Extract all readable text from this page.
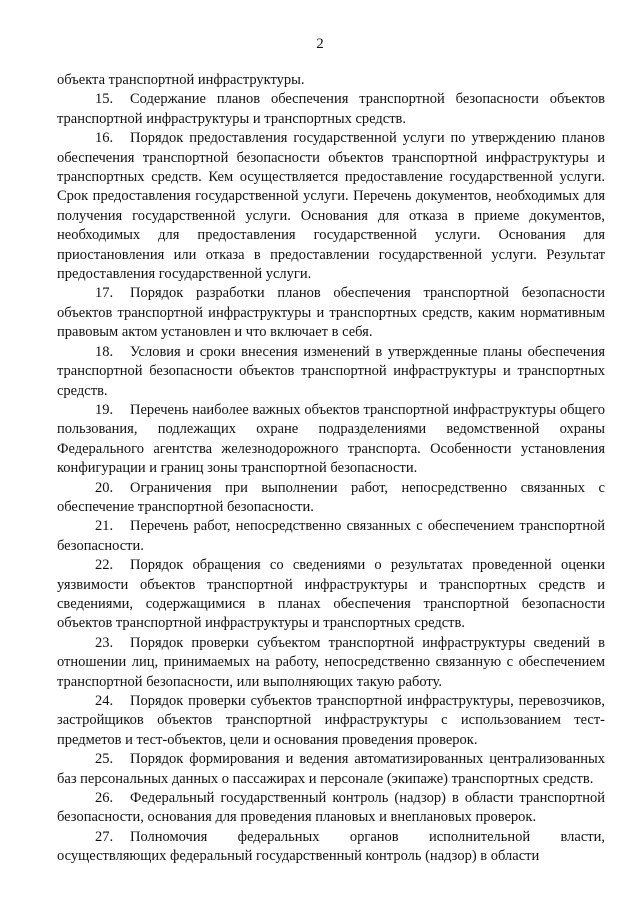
2

объекта транспортной инфраструктуры.

15. Содержание планов обеспечения транспортной безопасности объектов транспортной инфраструктуры и транспортных средств.

16. Порядок предоставления государственной услуги по утверждению планов обеспечения транспортной безопасности объектов транспортной инфраструктуры и транспортных средств. Кем осуществляется предоставление государственной услуги. Срок предоставления государственной услуги. Перечень документов, необходимых для получения государственной услуги. Основания для отказа в приеме документов, необходимых для предоставления государственной услуги. Основания для приостановления или отказа в предоставлении государственной услуги. Результат предоставления государственной услуги.

17. Порядок разработки планов обеспечения транспортной безопасности объектов транспортной инфраструктуры и транспортных средств, каким нормативным правовым актом установлен и что включает в себя.

18. Условия и сроки внесения изменений в утвержденные планы обеспечения транспортной безопасности объектов транспортной инфраструктуры и транспортных средств.

19. Перечень наиболее важных объектов транспортной инфраструктуры общего пользования, подлежащих охране подразделениями ведомственной охраны Федерального агентства железнодорожного транспорта. Особенности установления конфигурации и границ зоны транспортной безопасности.

20. Ограничения при выполнении работ, непосредственно связанных с обеспечение транспортной безопасности.

21. Перечень работ, непосредственно связанных с обеспечением транспортной безопасности.

22. Порядок обращения со сведениями о результатах проведенной оценки уязвимости объектов транспортной инфраструктуры и транспортных средств и сведениями, содержащимися в планах обеспечения транспортной безопасности объектов транспортной инфраструктуры и транспортных средств.

23. Порядок проверки субъектом транспортной инфраструктуры сведений в отношении лиц, принимаемых на работу, непосредственно связанную с обеспечением транспортной безопасности, или выполняющих такую работу.

24. Порядок проверки субъектов транспортной инфраструктуры, перевозчиков, застройщиков объектов транспортной инфраструктуры с использованием тест-предметов и тест-объектов, цели и основания проведения проверок.

25. Порядок формирования и ведения автоматизированных централизованных баз персональных данных о пассажирах и персонале (экипаже) транспортных средств.

26. Федеральный государственный контроль (надзор) в области транспортной безопасности, основания для проведения плановых и внеплановых проверок.

27. Полномочия федеральных органов исполнительной власти, осуществляющих федеральный государственный контроль (надзор) в области
